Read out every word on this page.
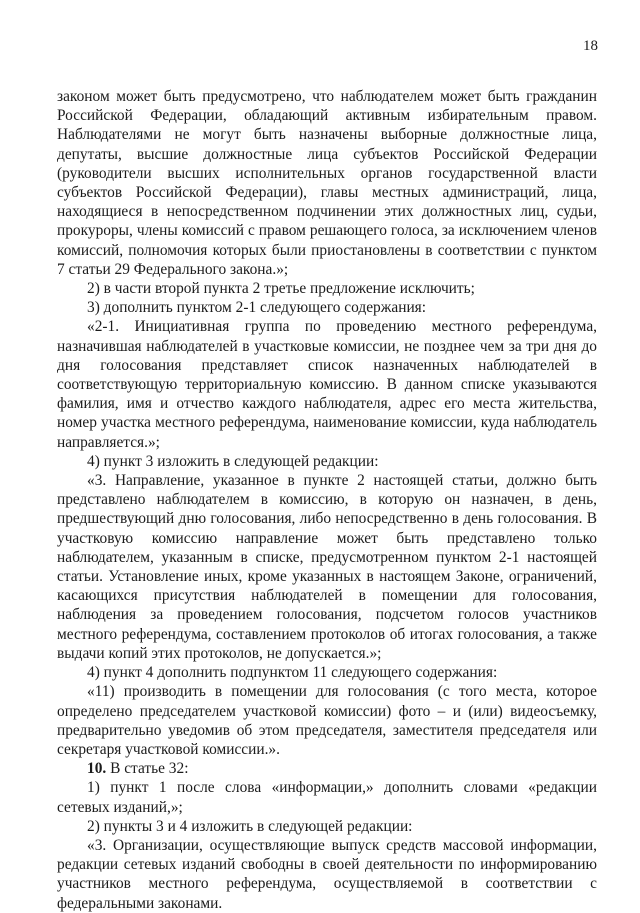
18

законом может быть предусмотрено, что наблюдателем может быть гражданин Российской Федерации, обладающий активным избирательным правом. Наблюдателями не могут быть назначены выборные должностные лица, депутаты, высшие должностные лица субъектов Российской Федерации (руководители высших исполнительных органов государственной власти субъектов Российской Федерации), главы местных администраций, лица, находящиеся в непосредственном подчинении этих должностных лиц, судьи, прокуроры, члены комиссий с правом решающего голоса, за исключением членов комиссий, полномочия которых были приостановлены в соответствии с пунктом 7 статьи 29 Федерального закона.»;

2) в части второй пункта 2 третье предложение исключить;

3) дополнить пунктом 2-1 следующего содержания:

«2-1. Инициативная группа по проведению местного референдума, назначившая наблюдателей в участковые комиссии, не позднее чем за три дня до дня голосования представляет список назначенных наблюдателей в соответствующую территориальную комиссию. В данном списке указываются фамилия, имя и отчество каждого наблюдателя, адрес его места жительства, номер участка местного референдума, наименование комиссии, куда наблюдатель направляется.»;

4) пункт 3 изложить в следующей редакции:

«3. Направление, указанное в пункте 2 настоящей статьи, должно быть представлено наблюдателем в комиссию, в которую он назначен, в день, предшествующий дню голосования, либо непосредственно в день голосования. В участковую комиссию направление может быть представлено только наблюдателем, указанным в списке, предусмотренном пунктом 2-1 настоящей статьи. Установление иных, кроме указанных в настоящем Законе, ограничений, касающихся присутствия наблюдателей в помещении для голосования, наблюдения за проведением голосования, подсчетом голосов участников местного референдума, составлением протоколов об итогах голосования, а также выдачи копий этих протоколов, не допускается.»;

4) пункт 4 дополнить подпунктом 11 следующего содержания:

«11) производить в помещении для голосования (с того места, которое определено председателем участковой комиссии) фото – и (или) видеосъемку, предварительно уведомив об этом председателя, заместителя председателя или секретаря участковой комиссии.».

10. В статье 32:

1) пункт 1 после слова «информации,» дополнить словами «редакции сетевых изданий,»;

2) пункты 3 и 4 изложить в следующей редакции:

«3. Организации, осуществляющие выпуск средств массовой информации, редакции сетевых изданий свободны в своей деятельности по информированию участников местного референдума, осуществляемой в соответствии с федеральными законами.
